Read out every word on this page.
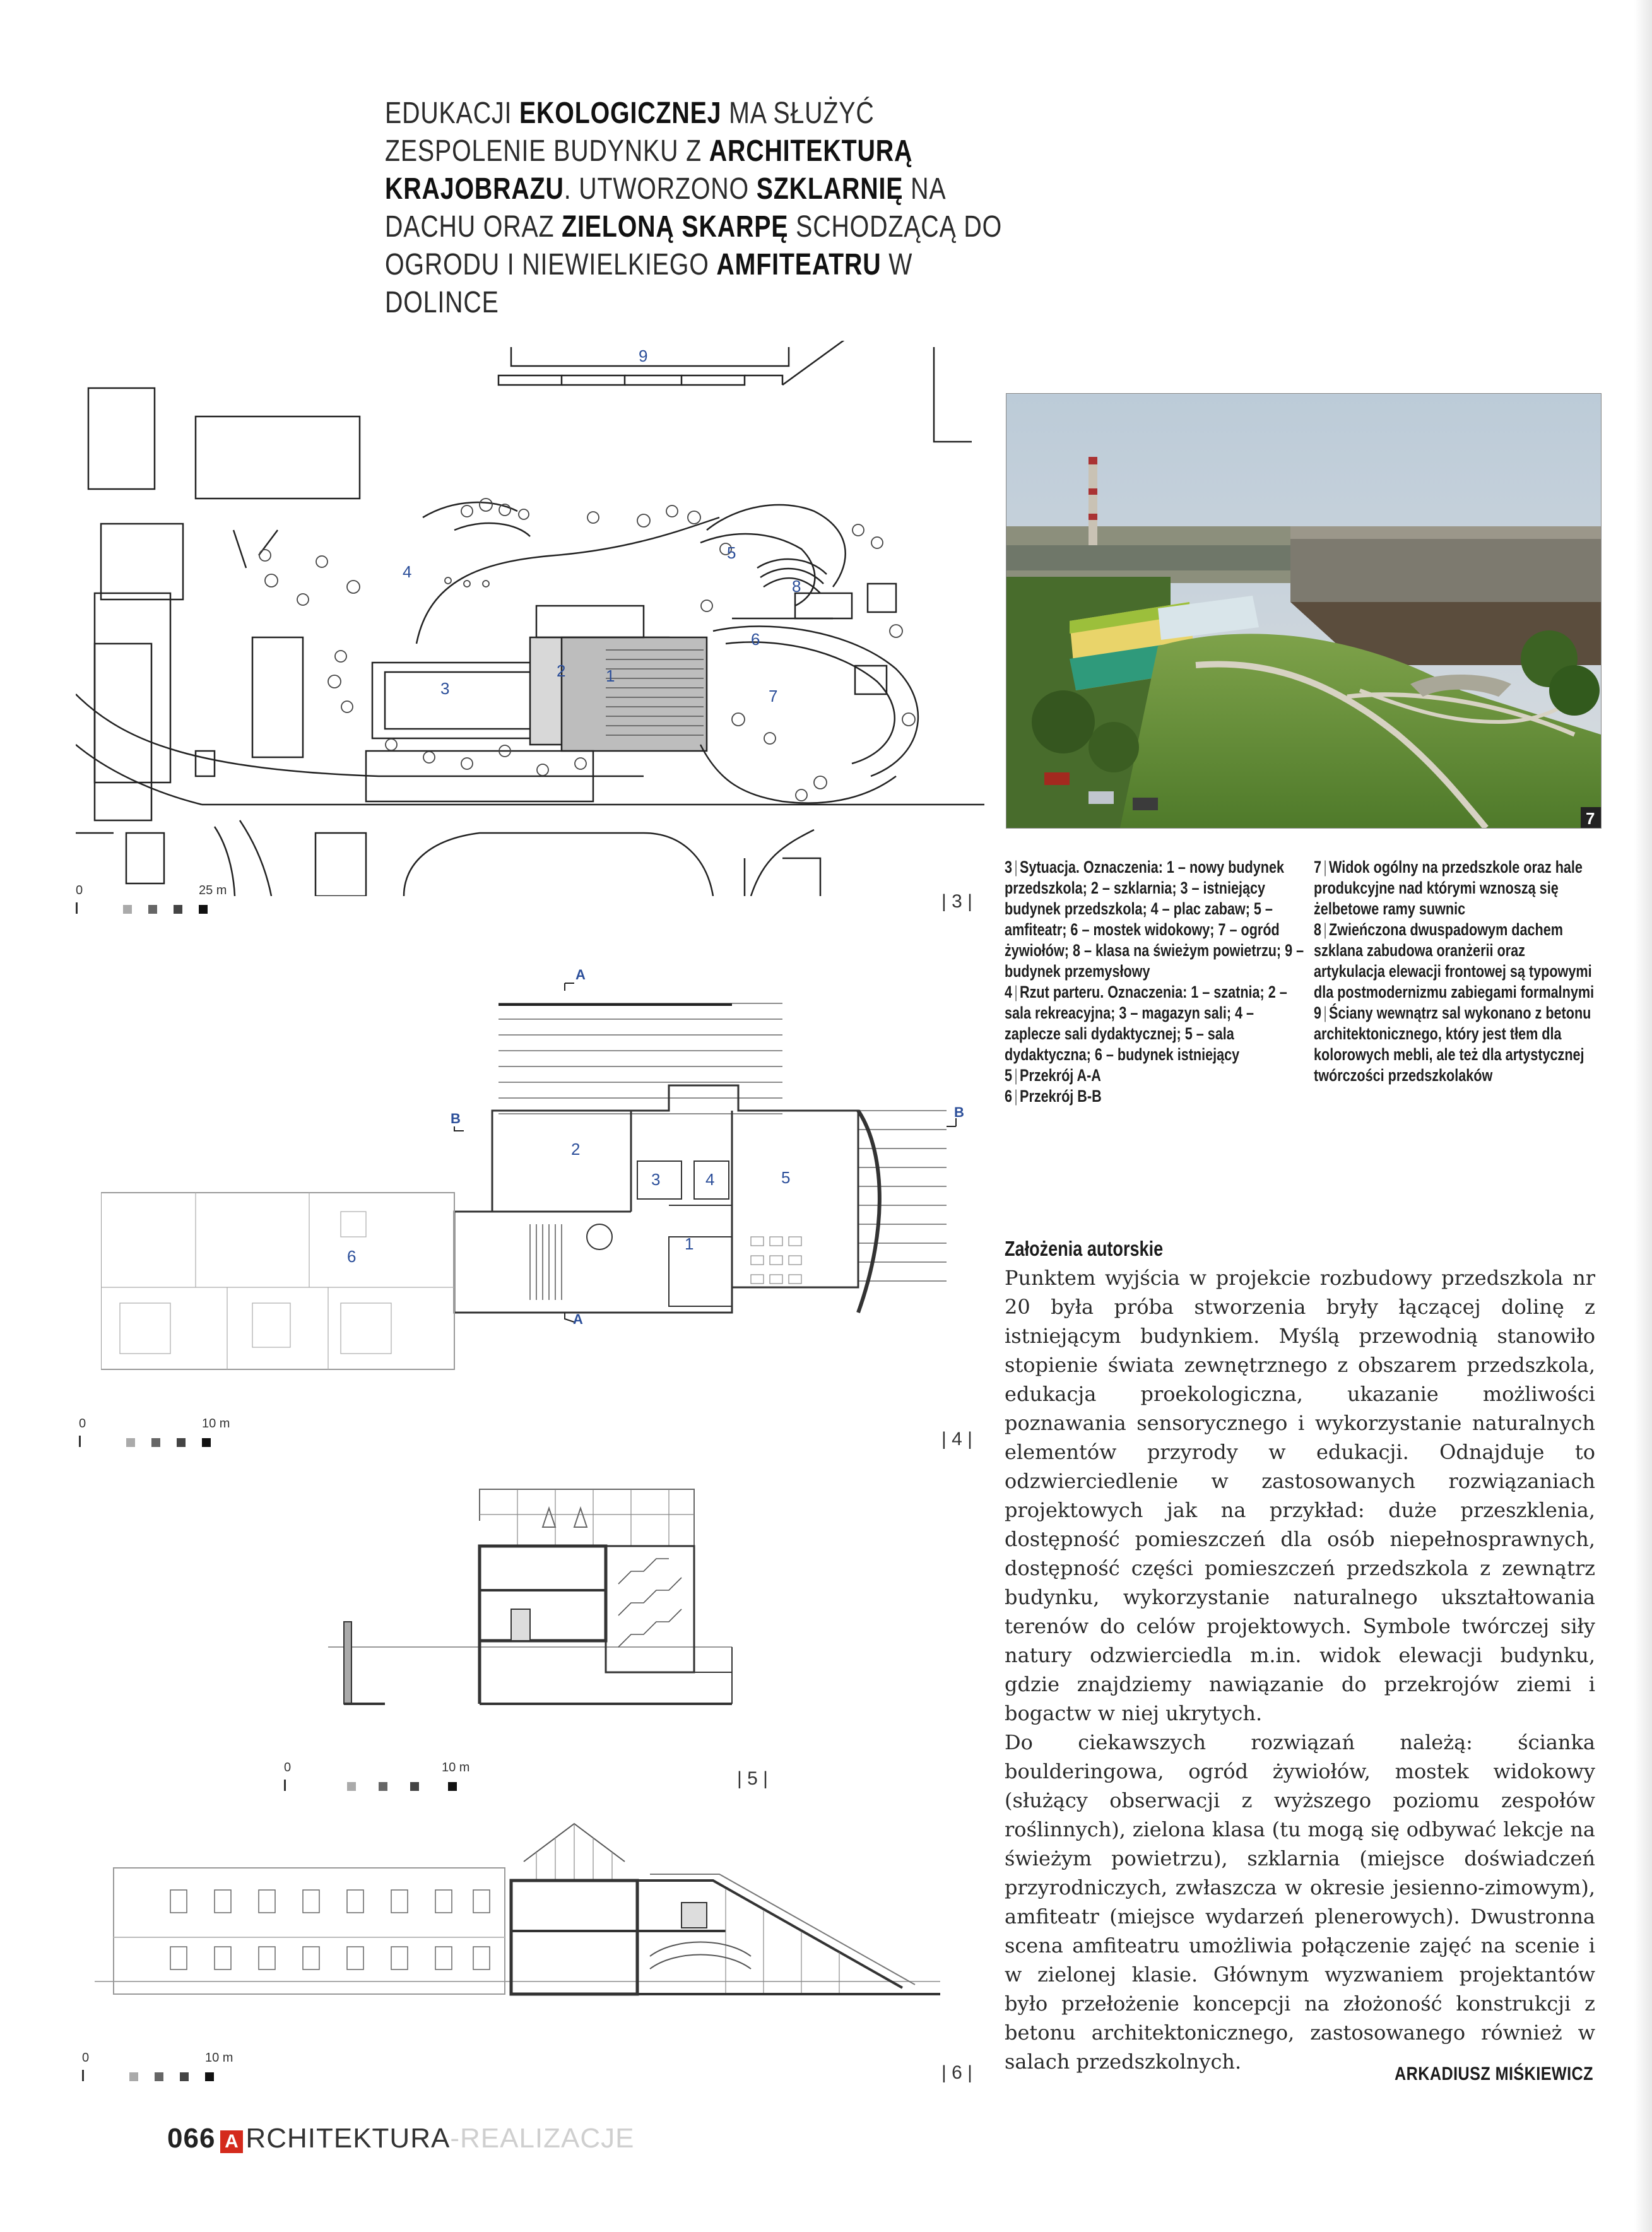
EDUKACJI EKOLOGICZNEJ MA SŁUŻYĆ ZESPOLENIE BUDYNKU Z ARCHITEKTURĄ KRAJOBRAZU. UTWORZONO SZKLARNIĘ NA DACHU ORAZ ZIELONĄ SKARPĘ SCHODZĄCĄ DO OGRODU I NIEWIELKIEGO AMFITEATRU W DOLINCE
1
2
3
4
5
6
7
8
9
0	25 m
| 3 |
7
3 | Sytuacja. Oznaczenia: 1 – nowy budynek przedszkola; 2 – szklarnia; 3 – istniejący budynek przedszkola; 4 – plac zabaw; 5 – amfiteatr; 6 – mostek widokowy; 7 – ogród żywiołów; 8 – klasa na świeżym powietrzu; 9 – budynek przemysłowy
4 | Rzut parteru. Oznaczenia: 1 – szatnia; 2 – sala rekreacyjna; 3 – magazyn sali; 4 – zaplecze sali dydaktycznej; 5 – sala dydaktyczna; 6 – budynek istniejący
5 | Przekrój A-A
6 | Przekrój B-B
7 | Widok ogólny na przedszkole oraz hale produkcyjne nad którymi wznoszą się żelbetowe ramy suwnic
8 | Zwieńczona dwuspadowym dachem szklana zabudowa oranżerii oraz artykulacja elewacji frontowej są typowymi dla postmodernizmu zabiegami formalnymi
9 | Ściany wewnątrz sal wykonano z betonu architektonicznego, który jest tłem dla kolorowych mebli, ale też dla artystycznej twórczości przedszkolaków
A
A
B	B
1
2
3	4	5
6
0	10 m
| 4 |
0	10 m
| 5 |
0	10 m
| 6 |
Założenia autorskie

Punktem wyjścia w projekcie rozbudowy przedszkola nr 20 była próba stworzenia bryły łączącej dolinę z istniejącym budynkiem. Myślą przewodnią stanowiło stopienie świata zewnętrznego z obszarem przedszkola, edukacja proekologiczna, ukazanie możliwości poznawania sensorycznego i wykorzystanie naturalnych elementów przyrody w edukacji. Odnajduje to odzwierciedlenie w zastosowanych rozwiązaniach projektowych jak na przykład: duże przeszklenia, dostępność pomieszczeń dla osób niepełnosprawnych, dostępność części pomieszczeń przedszkola z zewnątrz budynku, wykorzystanie naturalnego ukształtowania terenów do celów projektowych. Symbole twórczej siły natury odzwierciedla m.in. widok elewacji budynku, gdzie znajdziemy nawiązanie do przekrojów ziemi i bogactw w niej ukrytych.

Do ciekawszych rozwiązań należą: ścianka boulderingowa, ogród żywiołów, mostek widokowy (służący obserwacji z wyższego poziomu zespołów roślinnych), zielona klasa (tu mogą się odbywać lekcje na świeżym powietrzu), szklarnia (miejsce doświadczeń przyrodniczych, zwłaszcza w okresie jesienno-zimowym), amfiteatr (miejsce wydarzeń plenerowych). Dwustronna scena amfiteatru umożliwia połączenie zajęć na scenie i w zielonej klasie. Głównym wyzwaniem projektantów było przełożenie koncepcji na złożoność konstrukcji z betonu architektonicznego, zastosowanego również w salach przedszkolnych.

ARKADIUSZ MIŚKIEWICZ
066 A RCHITEKTURA-REALIZACJE
